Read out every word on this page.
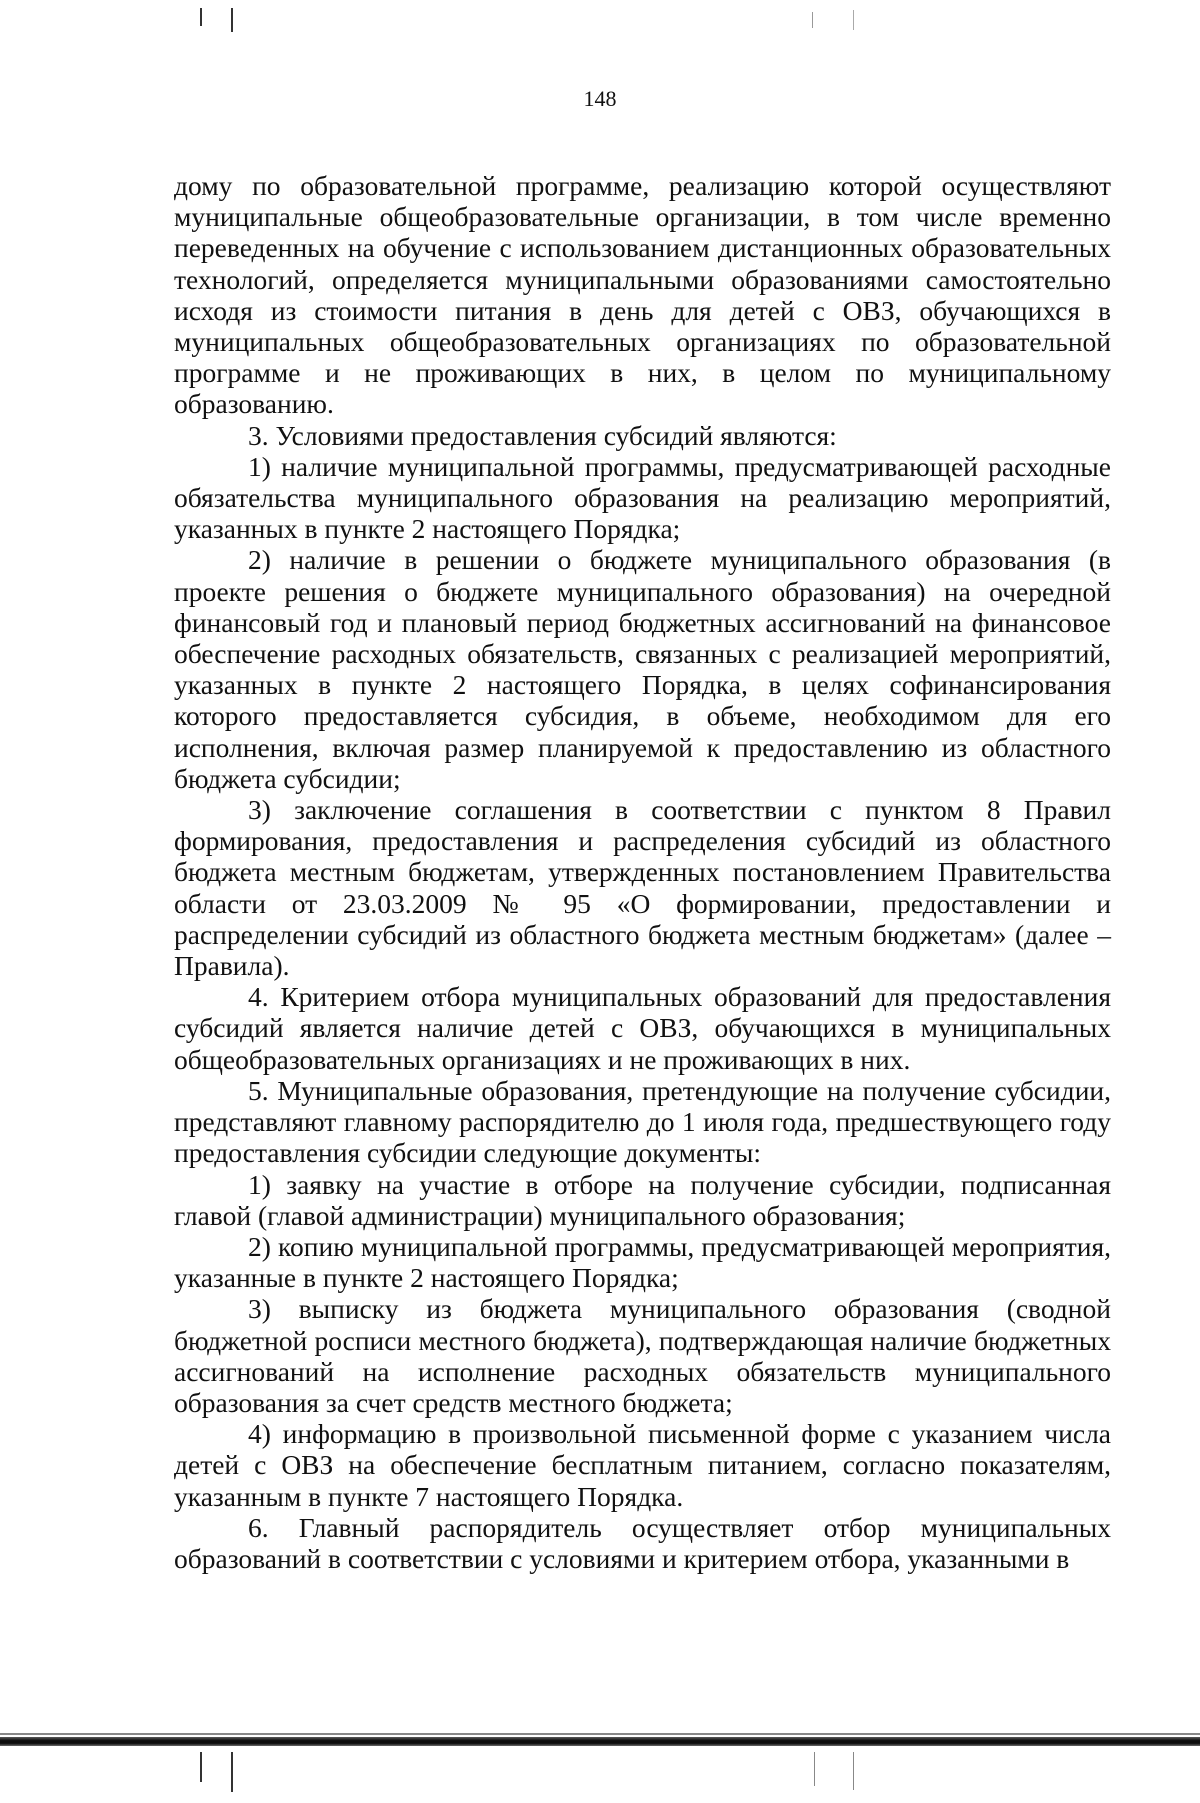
148

дому по образовательной программе, реализацию которой осуществляют муниципальные общеобразовательные организации, в том числе временно переведенных на обучение с использованием дистанционных образовательных технологий, определяется муниципальными образованиями самостоятельно исходя из стоимости питания в день для детей с ОВЗ, обучающихся в муниципальных общеобразовательных организациях по образовательной программе и не проживающих в них, в целом по муниципальному образованию.

3. Условиями предоставления субсидий являются:

1) наличие муниципальной программы, предусматривающей расходные обязательства муниципального образования на реализацию мероприятий, указанных в пункте 2 настоящего Порядка;

2) наличие в решении о бюджете муниципального образования (в проекте решения о бюджете муниципального образования) на очередной финансовый год и плановый период бюджетных ассигнований на финансовое обеспечение расходных обязательств, связанных с реализацией мероприятий, указанных в пункте 2 настоящего Порядка, в целях софинансирования которого предоставляется субсидия, в объеме, необходимом для его исполнения, включая размер планируемой к предоставлению из областного бюджета субсидии;

3) заключение соглашения в соответствии с пунктом 8 Правил формирования, предоставления и распределения субсидий из областного бюджета местным бюджетам, утвержденных постановлением Правительства области от 23.03.2009 № 95 «О формировании, предоставлении и распределении субсидий из областного бюджета местным бюджетам» (далее – Правила).

4. Критерием отбора муниципальных образований для предоставления субсидий является наличие детей с ОВЗ, обучающихся в муниципальных общеобразовательных организациях и не проживающих в них.

5. Муниципальные образования, претендующие на получение субсидии, представляют главному распорядителю до 1 июля года, предшествующего году предоставления субсидии следующие документы:

1) заявку на участие в отборе на получение субсидии, подписанная главой (главой администрации) муниципального образования;

2) копию муниципальной программы, предусматривающей мероприятия, указанные в пункте 2 настоящего Порядка;

3) выписку из бюджета муниципального образования (сводной бюджетной росписи местного бюджета), подтверждающая наличие бюджетных ассигнований на исполнение расходных обязательств муниципального образования за счет средств местного бюджета;

4) информацию в произвольной письменной форме с указанием числа детей с ОВЗ на обеспечение бесплатным питанием, согласно показателям, указанным в пункте 7 настоящего Порядка.

6. Главный распорядитель осуществляет отбор муниципальных образований в соответствии с условиями и критерием отбора, указанными в
